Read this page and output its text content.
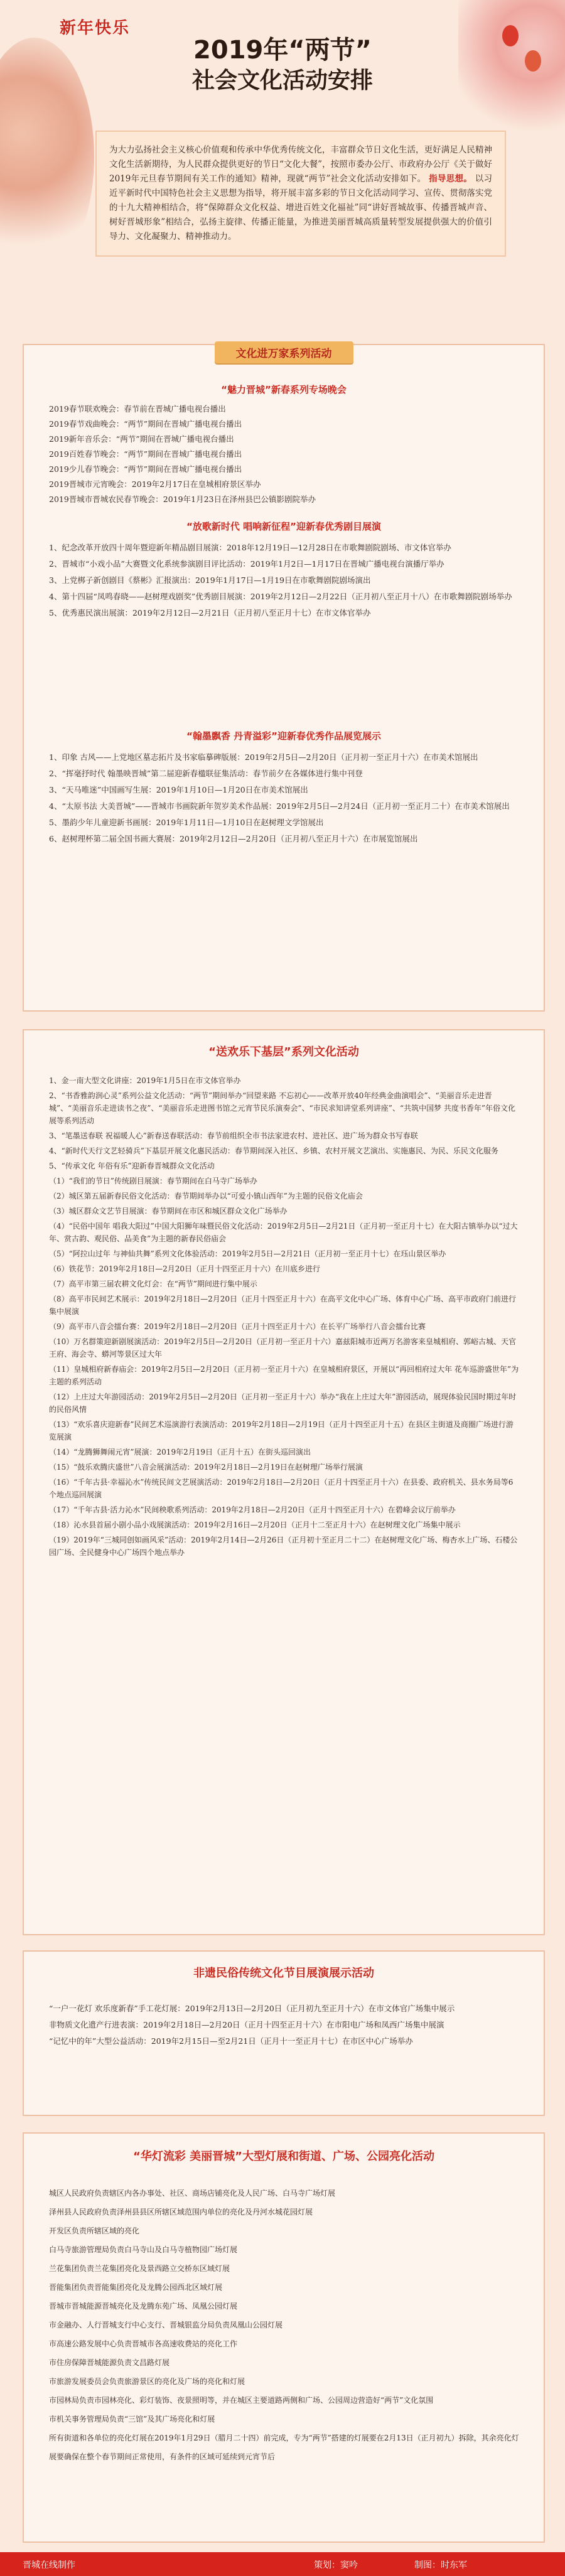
新年快乐
2019年“两节”
社会文化活动安排
为大力弘扬社会主义核心价值观和传承中华优秀传统文化，丰富群众节日文化生活，更好满足人民精神文化生活新期待，为人民群众提供更好的节日“文化大餐”，按照市委办公厅、市政府办公厅《关于做好2019年元旦春节期间有关工作的通知》精神，现就“两节”社会文化活动安排如下。 指导思想。 以习近平新时代中国特色社会主义思想为指导，将开展丰富多彩的节日文化活动同学习、宣传、贯彻落实党的十九大精神相结合，将“保障群众文化权益、增进百姓文化福祉”同“讲好晋城故事、传播晋城声音、树好晋城形象”相结合，弘扬主旋律、传播正能量，为推进美丽晋城高质量转型发展提供强大的价值引导力、文化凝聚力、精神推动力。
文化进万家系列活动
“魅力晋城”新春系列专场晚会
2019春节联欢晚会：春节前在晋城广播电视台播出
2019春节戏曲晚会：“两节”期间在晋城广播电视台播出
2019新年音乐会：“两节”期间在晋城广播电视台播出
2019百姓春节晚会：“两节”期间在晋城广播电视台播出
2019少儿春节晚会：“两节”期间在晋城广播电视台播出
2019晋城市元宵晚会：2019年2月17日在皇城相府景区举办
2019晋城市晋城农民春节晚会：2019年1月23日在泽州县巴公镇影剧院举办
“放歌新时代 唱响新征程”迎新春优秀剧目展演
1、纪念改革开放四十周年暨迎新年精品剧目展演：2018年12月19日—12月28日在市歌舞剧院剧场、市文体官举办
2、晋城市“小戏小品”大赛暨文化系统参演剧目评比活动：2019年1月2日—1月17日在晋城广播电视台演播厅举办
3、上党梆子新创剧目《蔡彬》汇报演出：2019年1月17日—1月19日在市歌舞剧院剧场演出
4、第十四届“凤鸣春晓——赵树理戏剧奖”优秀剧目展演：2019年2月12日—2月22日（正月初八至正月十八）在市歌舞剧院剧场举办
5、优秀惠民演出展演：2019年2月12日—2月21日（正月初八至正月十七）在市文体官举办
“翰墨飘香 丹青溢彩”迎新春优秀作品展览展示
1、印象 古风——上党地区墓志拓片及书家临摹碑版展：2019年2月5日—2月20日（正月初一至正月十六）在市美术馆展出
2、“挥毫抒时代 翰墨映晋城”第二届迎新春楹联征集活动：春节前夕在各媒体进行集中刊登
3、“天马唯迷”中国画写生展：2019年1月10日—1月20日在市美术馆展出
4、“太原书法 大美晋城”——晋城市书画院新年贺岁美术作品展：2019年2月5日—2月24日（正月初一至正月二十）在市美术馆展出
5、墨韵少年儿童迎新书画展：2019年1月11日—1月10日在赵树理文学馆展出
6、赵树理杯第二届全国书画大赛展：2019年2月12日—2月20日（正月初八至正月十六）在市展览馆展出
“送欢乐下基层”系列文化活动
1、金一南大型文化讲座：2019年1月5日在市文体官举办
2、“书香雅韵润心灵”系列公益文化活动：“两节”期间举办“回望来路 不忘初心——改革开放40年经典金曲演唱会”、“美丽音乐走进晋城”、“美丽音乐走进读书之夜”、“美丽音乐走进图书馆之元宵节民乐演奏会”、“市民求知讲堂系列讲座”、“共筑中国梦 共度书香年”年俗文化展等系列活动
3、“笔墨送春联 祝福暖人心”新春送春联活动：春节前组织全市书法家进农村、进社区、进广场为群众书写春联
4、“新时代天行文艺轻骑兵”下基层开展文化惠民活动：春节期间深入社区、乡镇、农村开展文艺演出、实施惠民、为民、乐民文化服务
5、“传承文化 年俗有乐”迎新春晋城群众文化活动
（1）“我们的节日”传统剧目展演：春节期间在白马寺广场举办
（2）城区第五届新春民俗文化活动：春节期间举办以“可爱小镇山西年”为主题的民俗文化庙会
（3）城区群众文艺节目展演：春节期间在市区和城区群众文化广场举办
（4）“民俗中国年 唱我大阳过”中国大阳狮年味暨民俗文化活动：2019年2月5日—2月21日（正月初一至正月十七）在大阳古镇举办以“过大年、赏古韵、观民俗、品美食”为主题的新春民俗庙会
（5）“阿拉山过年 与神仙共舞”系列文化体验活动：2019年2月5日—2月21日（正月初一至正月十七）在珏山景区举办
（6）铁花节：2019年2月18日—2月20日（正月十四至正月十六）在川底乡进行
（7）高平市第三届农耕文化灯会：在“两节”期间进行集中展示
（8）高平市民间艺术展示：2019年2月18日—2月20日（正月十四至正月十六）在高平文化中心广场、体育中心广场、高平市政府门前进行集中展演
（9）高平市八音会擂台赛：2019年2月18日—2月20日（正月十四至正月十六）在长平广场举行八音会擂台比赛
（10）万名群策迎新剧展演活动：2019年2月5日—2月20日（正月初一至正月十六）嘉兹阳城市近两万名游客来皇城相府、郭峪古城、天官王府、海会寺、蟒河等景区过大年
（11）皇城相府新春庙会：2019年2月5日—2月20日（正月初一至正月十六）在皇城相府景区，开展以“再回相府过大年 花车巡游盛世年”为主题的系列活动
（12）上庄过大年游园活动：2019年2月5日—2月20日（正月初一至正月十六）举办“我在上庄过大年”游园活动，展现体验民国时期过年时的民俗风情
（13）“欢乐喜庆迎新春”民间艺术巡演游行表演活动：2019年2月18日—2月19日（正月十四至正月十五）在县区主街道及商圈广场进行游览展演
（14）“龙腾狮舞闹元宵”展演：2019年2月19日（正月十五）在街头巡回演出
（15）“鼓乐欢腾庆盛世”八音会展演活动：2019年2月18日—2月19日在赵树理广场举行展演
（16）“千年古县·幸福沁水”传统民间文艺展演活动：2019年2月18日—2月20日（正月十四至正月十六）在县委、政府机关、县水务局等6个地点巡回展演
（17）“千年古县·活力沁水”民间秧歌系列活动：2019年2月18日—2月20日（正月十四至正月十六）在碧峰会议厅前举办
（18）沁水县首届小剧小品小戏展演活动：2019年2月16日—2月20日（正月十二至正月十六）在赵树理文化广场集中展示
（19）2019年“三城同创如画风采”活动：2019年2月14日—2月26日（正月初十至正月二十二）在赵树理文化广场、梅杏水上广场、石楼公园广场、全民健身中心广场四个地点举办
非遗民俗传统文化节目展演展示活动
“一户一花灯 欢乐度新春”手工花灯展：2019年2月13日—2月20日（正月初九至正月十六）在市文体官广场集中展示
非物质文化遗产行进表演：2019年2月18日—2月20日（正月十四至正月十六）在市阳电广场和凤西广场集中展演
“记忆中的年”大型公益活动：2019年2月15日—至2月21日（正月十一至正月十七）在市区中心广场举办
“华灯流彩 美丽晋城”大型灯展和街道、广场、公园亮化活动
城区人民政府负责辖区内各办事处、社区、商场店铺亮化及人民广场、白马寺广场灯展
泽州县人民政府负责泽州县县区所辖区域范围内单位的亮化及丹河水城花园灯展
开发区负责所辖区域的亮化
白马寺旅游管理局负责白马寺山及白马寺植物园广场灯展
兰花集团负责兰花集团亮化及景西路立交桥东区域灯展
晋能集团负责晋能集团亮化及龙腾公园西北区域灯展
晋城市晋城能源晋城亮化及龙腾东苑广场、凤凰公园灯展
市金融办、人行晋城支行中心支行、晋城银监分局负责凤凰山公园灯展
市高速公路发展中心负责晋城市各高速收费站的亮化工作
市住房保障晋城能源负责文昌路灯展
市旅游发展委员会负责旅游景区的亮化及广场的亮化和灯展
市园林局负责市园林亮化、彩灯装饰、夜景照明等，并在城区主要道路两侧和广场、公园周边营造好“两节”文化氛围
市机关事务管理局负责“三馆”及其广场亮化和灯展
所有街道和各单位的亮化灯展在2019年1月29日（腊月二十四）前完成，专为“两节”搭建的灯展要在2月13日（正月初九）拆除，其余亮化灯展要确保在整个春节期间正常使用，有条件的区域可延续到元宵节后
晋城在线制作	策划：窦吟	制图：时东军
